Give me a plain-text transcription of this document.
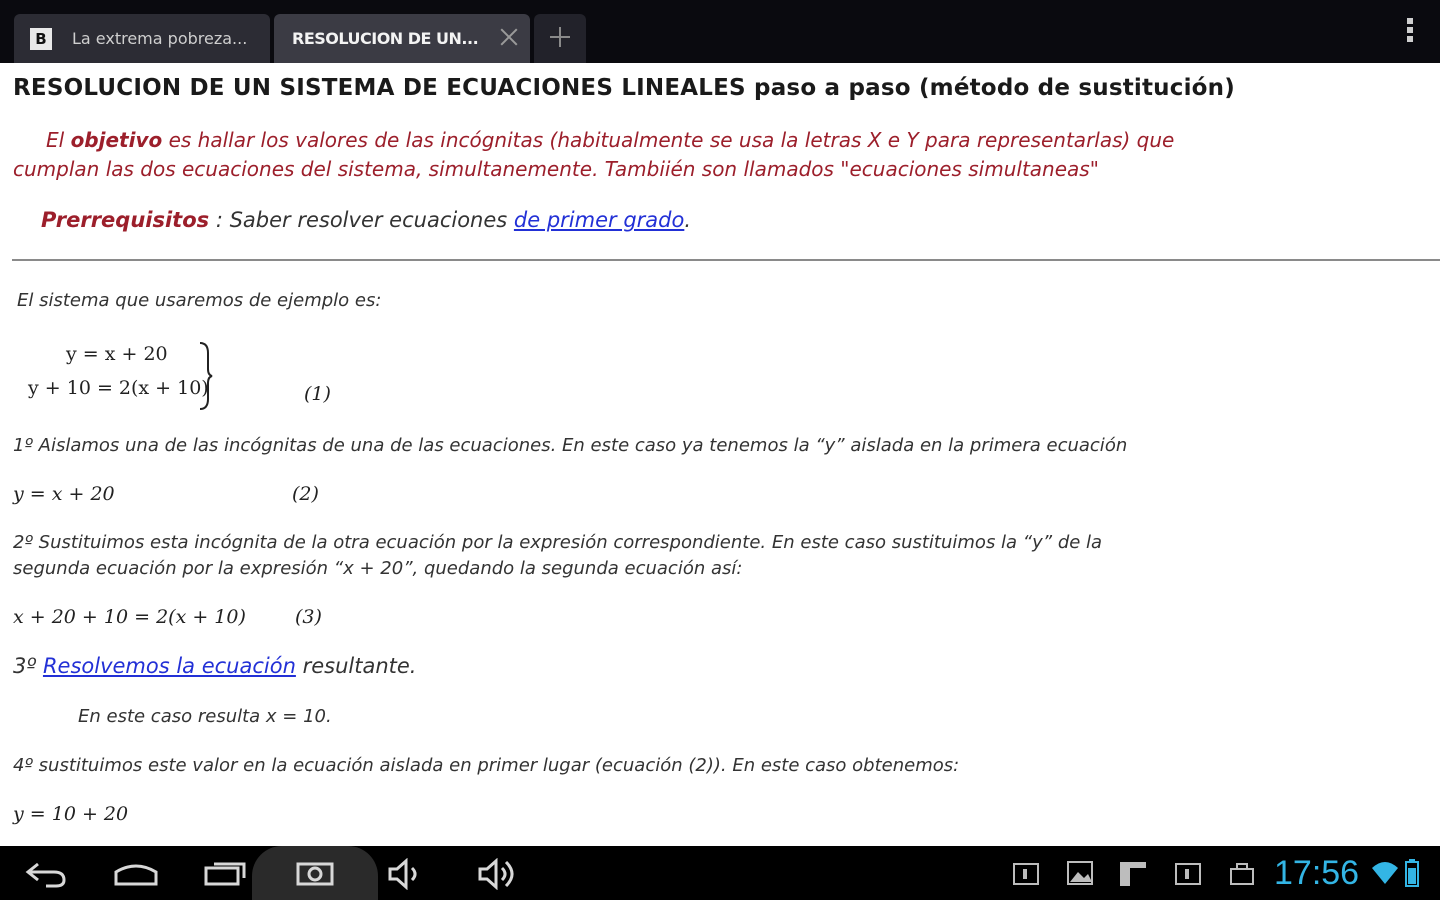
B	La extrema pobreza...	RESOLUCION DE UN...

RESOLUCION DE UN SISTEMA DE ECUACIONES LINEALES paso a paso (método de sustitución)

El objetivo es hallar los valores de las incógnitas (habitualmente se usa la letras X e Y para representarlas) que

cumplan las dos ecuaciones del sistema, simultanemente. Tambiién son llamados "ecuaciones simultaneas"

Prerrequisitos : Saber resolver ecuaciones de primer grado.

El sistema que usaremos de ejemplo es:

y = x + 20
y + 10 = 2(x + 10)	(1)

1º Aislamos una de las incógnitas de una de las ecuaciones. En este caso ya tenemos la “y” aislada en la primera ecuación

y = x + 20	(2)

2º Sustituimos esta incógnita de la otra ecuación por la expresión correspondiente. En este caso sustituimos la “y” de la

segunda ecuación por la expresión “x + 20”, quedando la segunda ecuación así:

x + 20 + 10 = 2(x + 10)	(3)

3º Resolvemos la ecuación resultante.

En este caso resulta x = 10.

4º sustituimos este valor en la ecuación aislada en primer lugar (ecuación (2)). En este caso obtenemos:

y = 10 + 20
17:56
